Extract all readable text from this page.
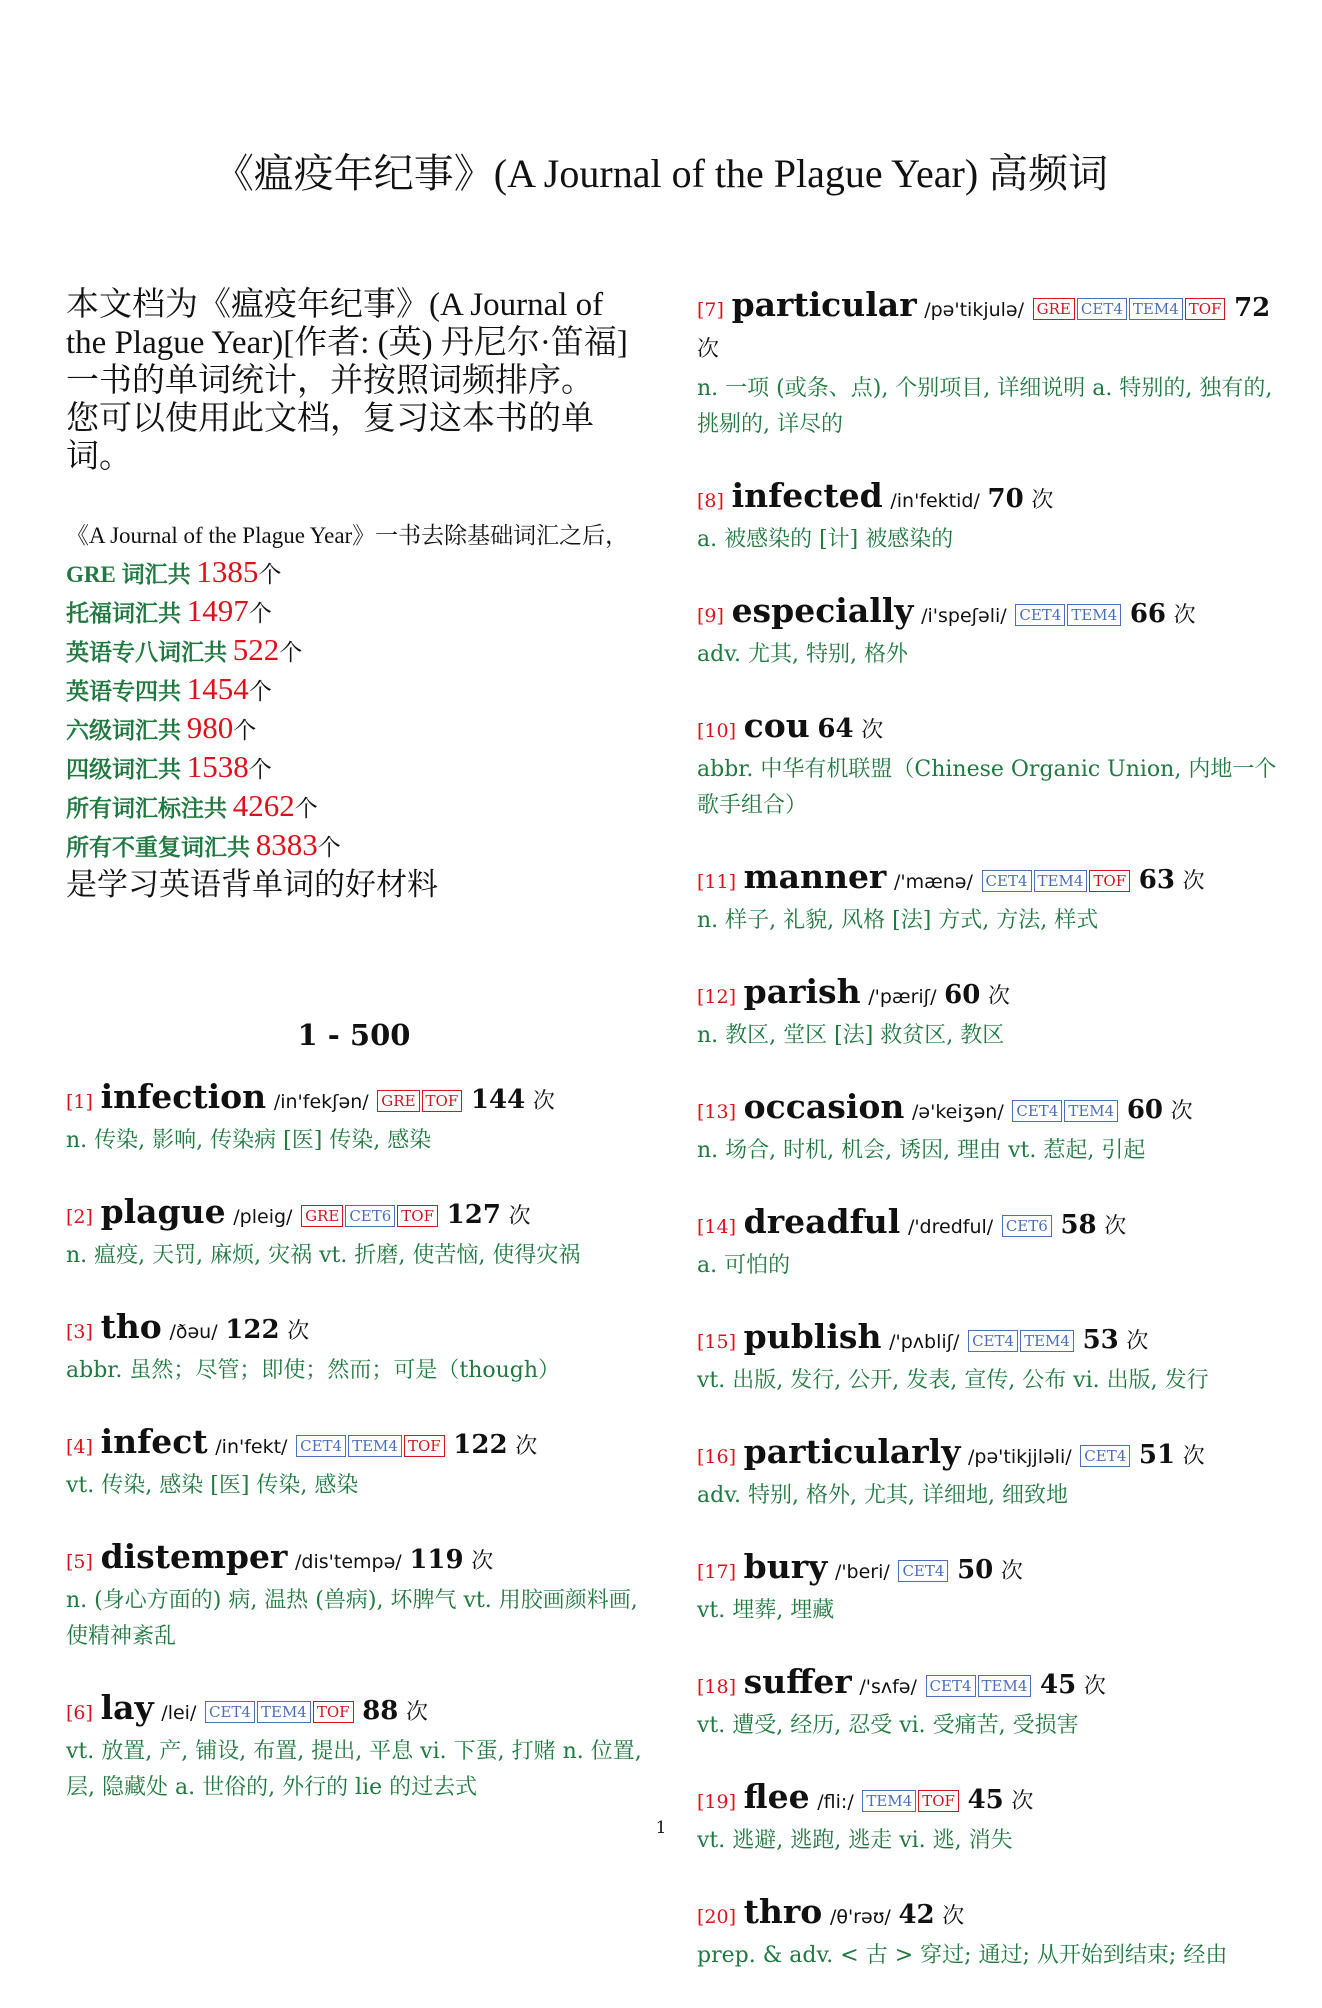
《瘟疫年纪事》(A Journal of the Plague Year) 高频词

本文档为《瘟疫年纪事》(A Journal of the Plague Year)[作者: (英) 丹尼尔·笛福] 一书的单词统计，并按照词频排序。

您可以使用此文档，复习这本书的单词。

《A Journal of the Plague Year》一书去除基础词汇之后，
GRE 词汇共 1385个
托福词汇共 1497个
英语专八词汇共 522个
英语专四共 1454个
六级词汇共 980个
四级词汇共 1538个
所有词汇标注共 4262个
所有不重复词汇共 8383个
是学习英语背单词的好材料
1 - 500
[1] infection /in'fekʃən/ GRE TOF 144 次
n. 传染, 影响, 传染病 [医] 传染, 感染
[2] plague /pleig/ GRE CET6 TOF 127 次
n. 瘟疫, 天罚, 麻烦, 灾祸 vt. 折磨, 使苦恼, 使得灾祸
[3] tho /ðəu/ 122 次
abbr. 虽然；尽管；即使；然而；可是（though）
[4] infect /in'fekt/ CET4 TEM4 TOF 122 次
vt. 传染, 感染 [医] 传染, 感染
[5] distemper /dis'tempə/ 119 次
n. (身心方面的) 病, 温热 (兽病), 坏脾气 vt. 用胶画颜料画, 使精神紊乱
[6] lay /lei/ CET4 TEM4 TOF 88 次
vt. 放置, 产, 铺设, 布置, 提出, 平息 vi. 下蛋, 打赌 n. 位置, 层, 隐藏处 a. 世俗的, 外行的 lie 的过去式
[7] particular /pə'tikjulə/ GRE CET4 TEM4 TOF 72 次
n. 一项 (或条、点), 个别项目, 详细说明 a. 特别的, 独有的, 挑剔的, 详尽的
[8] infected /in'fektid/ 70 次
a. 被感染的 [计] 被感染的
[9] especially /i'speʃəli/ CET4 TEM4 66 次
adv. 尤其, 特别, 格外
[10] cou 64 次
abbr. 中华有机联盟（Chinese Organic Union, 内地一个歌手组合）
[11] manner /'mænə/ CET4 TEM4 TOF 63 次
n. 样子, 礼貌, 风格 [法] 方式, 方法, 样式
[12] parish /'pæriʃ/ 60 次
n. 教区, 堂区 [法] 救贫区, 教区
[13] occasion /ə'keiʒən/ CET4 TEM4 60 次
n. 场合, 时机, 机会, 诱因, 理由 vt. 惹起, 引起
[14] dreadful /'dredful/ CET6 58 次
a. 可怕的
[15] publish /'pʌbliʃ/ CET4 TEM4 53 次
vt. 出版, 发行, 公开, 发表, 宣传, 公布 vi. 出版, 发行
[16] particularly /pə'tikjjləli/ CET4 51 次
adv. 特别, 格外, 尤其, 详细地, 细致地
[17] bury /'beri/ CET4 50 次
vt. 埋葬, 埋藏
[18] suffer /'sʌfə/ CET4 TEM4 45 次
vt. 遭受, 经历, 忍受 vi. 受痛苦, 受损害
[19] flee /fli:/ TEM4 TOF 45 次
vt. 逃避, 逃跑, 逃走 vi. 逃, 消失
[20] thro /θ'rəʊ/ 42 次
prep. & adv. < 古 > 穿过; 通过; 从开始到结束; 经由
1
